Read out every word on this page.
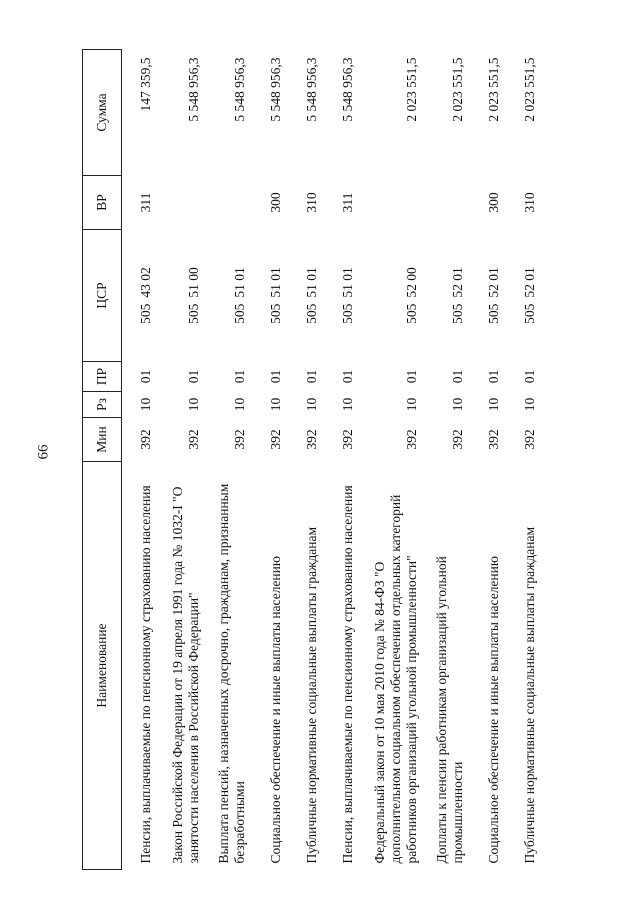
66
Наименование	Мин	Рз	ПР	ЦСР	ВР	Сумма
Пенсии, выплачиваемые по пенсионному страхованию населения	392	10	01	50543 02	311	147 359,5
Закон Российской Федерации от 19 апреля 1991 года № 1032-I "О занятости населения в Российской Федерации"	392	10	01	50551 00		5 548 956,3
Выплата пенсий, назначенных досрочно, гражданам, признанным безработными	392	10	01	50551 01		5 548 956,3
Социальное обеспечение и иные выплаты населению	392	10	01	50551 01	300	5 548 956,3
Публичные нормативные социальные выплаты гражданам	392	10	01	50551 01	310	5 548 956,3
Пенсии, выплачиваемые по пенсионному страхованию населения	392	10	01	50551 01	311	5 548 956,3
Федеральный закон от 10 мая 2010 года № 84-ФЗ "О дополнительном социальном обеспечении отдельных категорий работников организаций угольной промышленности"	392	10	01	50552 00		2 023 551,5
Доплаты к пенсии работникам организаций угольной промышленности	392	10	01	50552 01		2 023 551,5
Социальное обеспечение и иные выплаты населению	392	10	01	50552 01	300	2 023 551,5
Публичные нормативные социальные выплаты гражданам	392	10	01	50552 01	310	2 023 551,5
